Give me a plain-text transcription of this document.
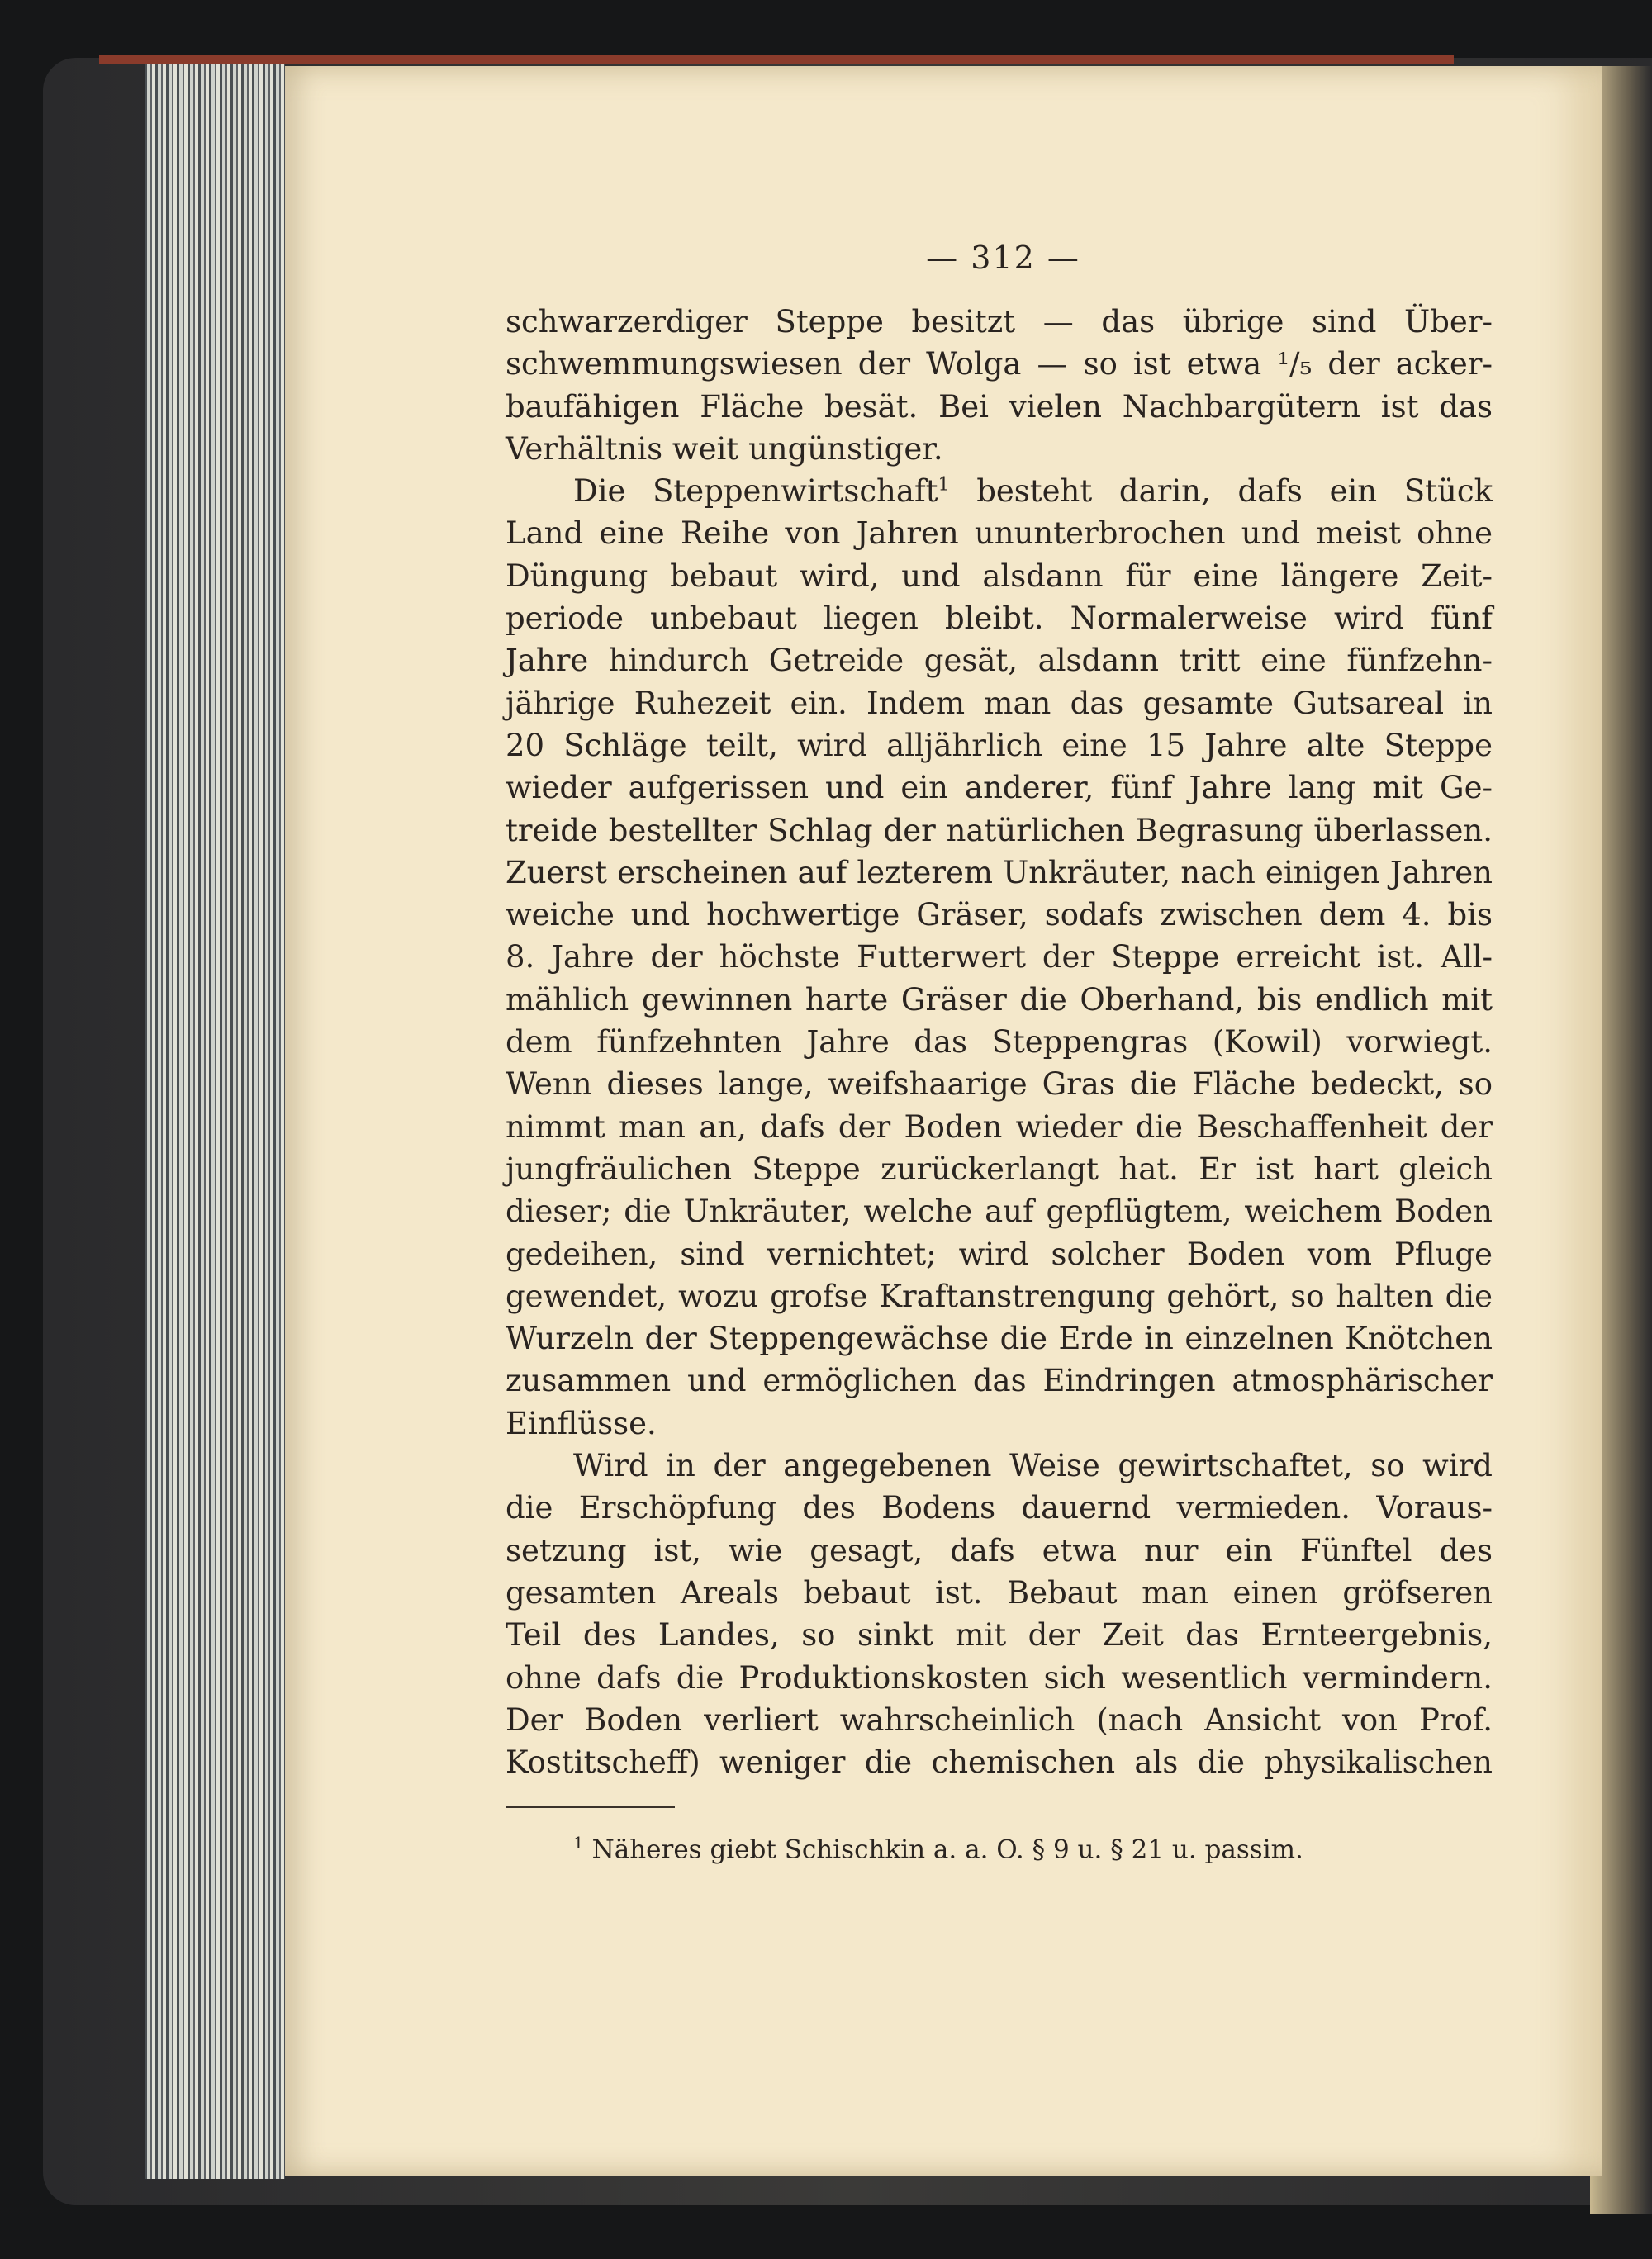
— 312 —
schwarzerdiger Steppe besitzt — das übrige sind Über-
schwemmungswiesen der Wolga — so ist etwa ¹/₅ der acker-
baufähigen Fläche besät. Bei vielen Nachbargütern ist das
Verhältnis weit ungünstiger.
Die Steppenwirtschaft$^1$ besteht darin, dafs ein Stück
Land eine Reihe von Jahren ununterbrochen und meist ohne
Düngung bebaut wird, und alsdann für eine längere Zeit-
periode unbebaut liegen bleibt. Normalerweise wird fünf
Jahre hindurch Getreide gesät, alsdann tritt eine fünfzehn-
jährige Ruhezeit ein. Indem man das gesamte Gutsareal in
20 Schläge teilt, wird alljährlich eine 15 Jahre alte Steppe
wieder aufgerissen und ein anderer, fünf Jahre lang mit Ge-
treide bestellter Schlag der natürlichen Begrasung überlassen.
Zuerst erscheinen auf lezterem Unkräuter, nach einigen Jahren
weiche und hochwertige Gräser, sodafs zwischen dem 4. bis
8. Jahre der höchste Futterwert der Steppe erreicht ist. All-
mählich gewinnen harte Gräser die Oberhand, bis endlich mit
dem fünfzehnten Jahre das Steppengras (Kowil) vorwiegt.
Wenn dieses lange, weifshaarige Gras die Fläche bedeckt, so
nimmt man an, dafs der Boden wieder die Beschaffenheit der
jungfräulichen Steppe zurückerlangt hat. Er ist hart gleich
dieser; die Unkräuter, welche auf gepflügtem, weichem Boden
gedeihen, sind vernichtet; wird solcher Boden vom Pfluge
gewendet, wozu grofse Kraftanstrengung gehört, so halten die
Wurzeln der Steppengewächse die Erde in einzelnen Knötchen
zusammen und ermöglichen das Eindringen atmosphärischer
Einflüsse.
Wird in der angegebenen Weise gewirtschaftet, so wird
die Erschöpfung des Bodens dauernd vermieden. Voraus-
setzung ist, wie gesagt, dafs etwa nur ein Fünftel des
gesamten Areals bebaut ist. Bebaut man einen gröfseren
Teil des Landes, so sinkt mit der Zeit das Ernteergebnis,
ohne dafs die Produktionskosten sich wesentlich vermindern.
Der Boden verliert wahrscheinlich (nach Ansicht von Prof.
Kostitscheff) weniger die chemischen als die physikalischen
$^1$ Näheres giebt Schischkin a. a. O. § 9 u. § 21 u. passim.
